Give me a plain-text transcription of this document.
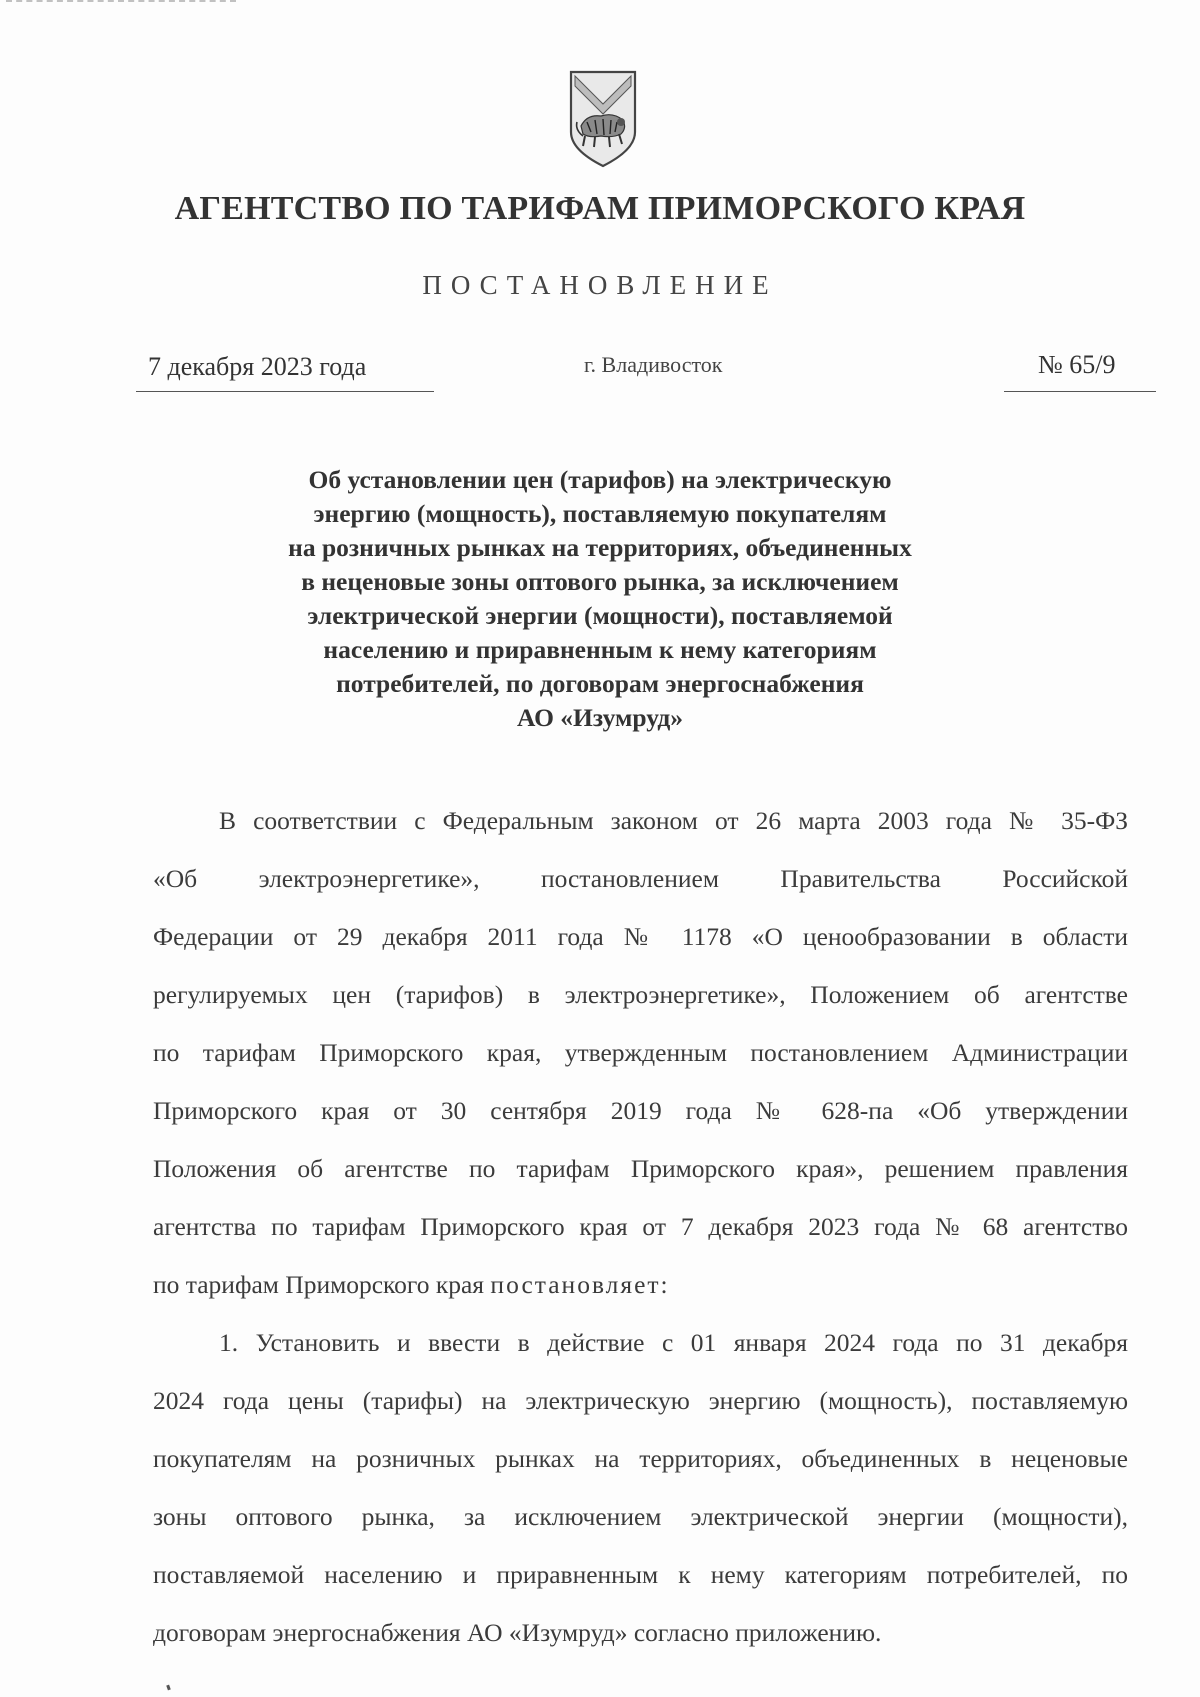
АГЕНТСТВО ПО ТАРИФАМ ПРИМОРСКОГО КРАЯ
ПОСТАНОВЛЕНИЕ
7 декабря 2023 года	г. Владивосток	№ 65/9
Об установлении цен (тарифов) на электрическую
энергию (мощность), поставляемую покупателям
на розничных рынках на территориях, объединенных
в неценовые зоны оптового рынка, за исключением
электрической энергии (мощности), поставляемой
населению и приравненным к нему категориям
потребителей, по договорам энергоснабжения
АО «Изумруд»
В соответствии с Федеральным законом от 26 марта 2003 года № 35-ФЗ
«Об электроэнергетике», постановлением Правительства Российской
Федерации от 29 декабря 2011 года № 1178 «О ценообразовании в области
регулируемых цен (тарифов) в электроэнергетике», Положением об агентстве
по тарифам Приморского края, утвержденным постановлением Администрации
Приморского края от 30 сентября 2019 года № 628-па «Об утверждении
Положения об агентстве по тарифам Приморского края», решением правления
агентства по тарифам Приморского края от 7 декабря 2023 года № 68 агентство
по тарифам Приморского края постановляет:
1. Установить и ввести в действие с 01 января 2024 года по 31 декабря
2024 года цены (тарифы) на электрическую энергию (мощность), поставляемую
покупателям на розничных рынках на территориях, объединенных в неценовые
зоны оптового рынка, за исключением электрической энергии (мощности),
поставляемой населению и приравненным к нему категориям потребителей, по
договорам энергоснабжения АО «Изумруд» согласно приложению.
